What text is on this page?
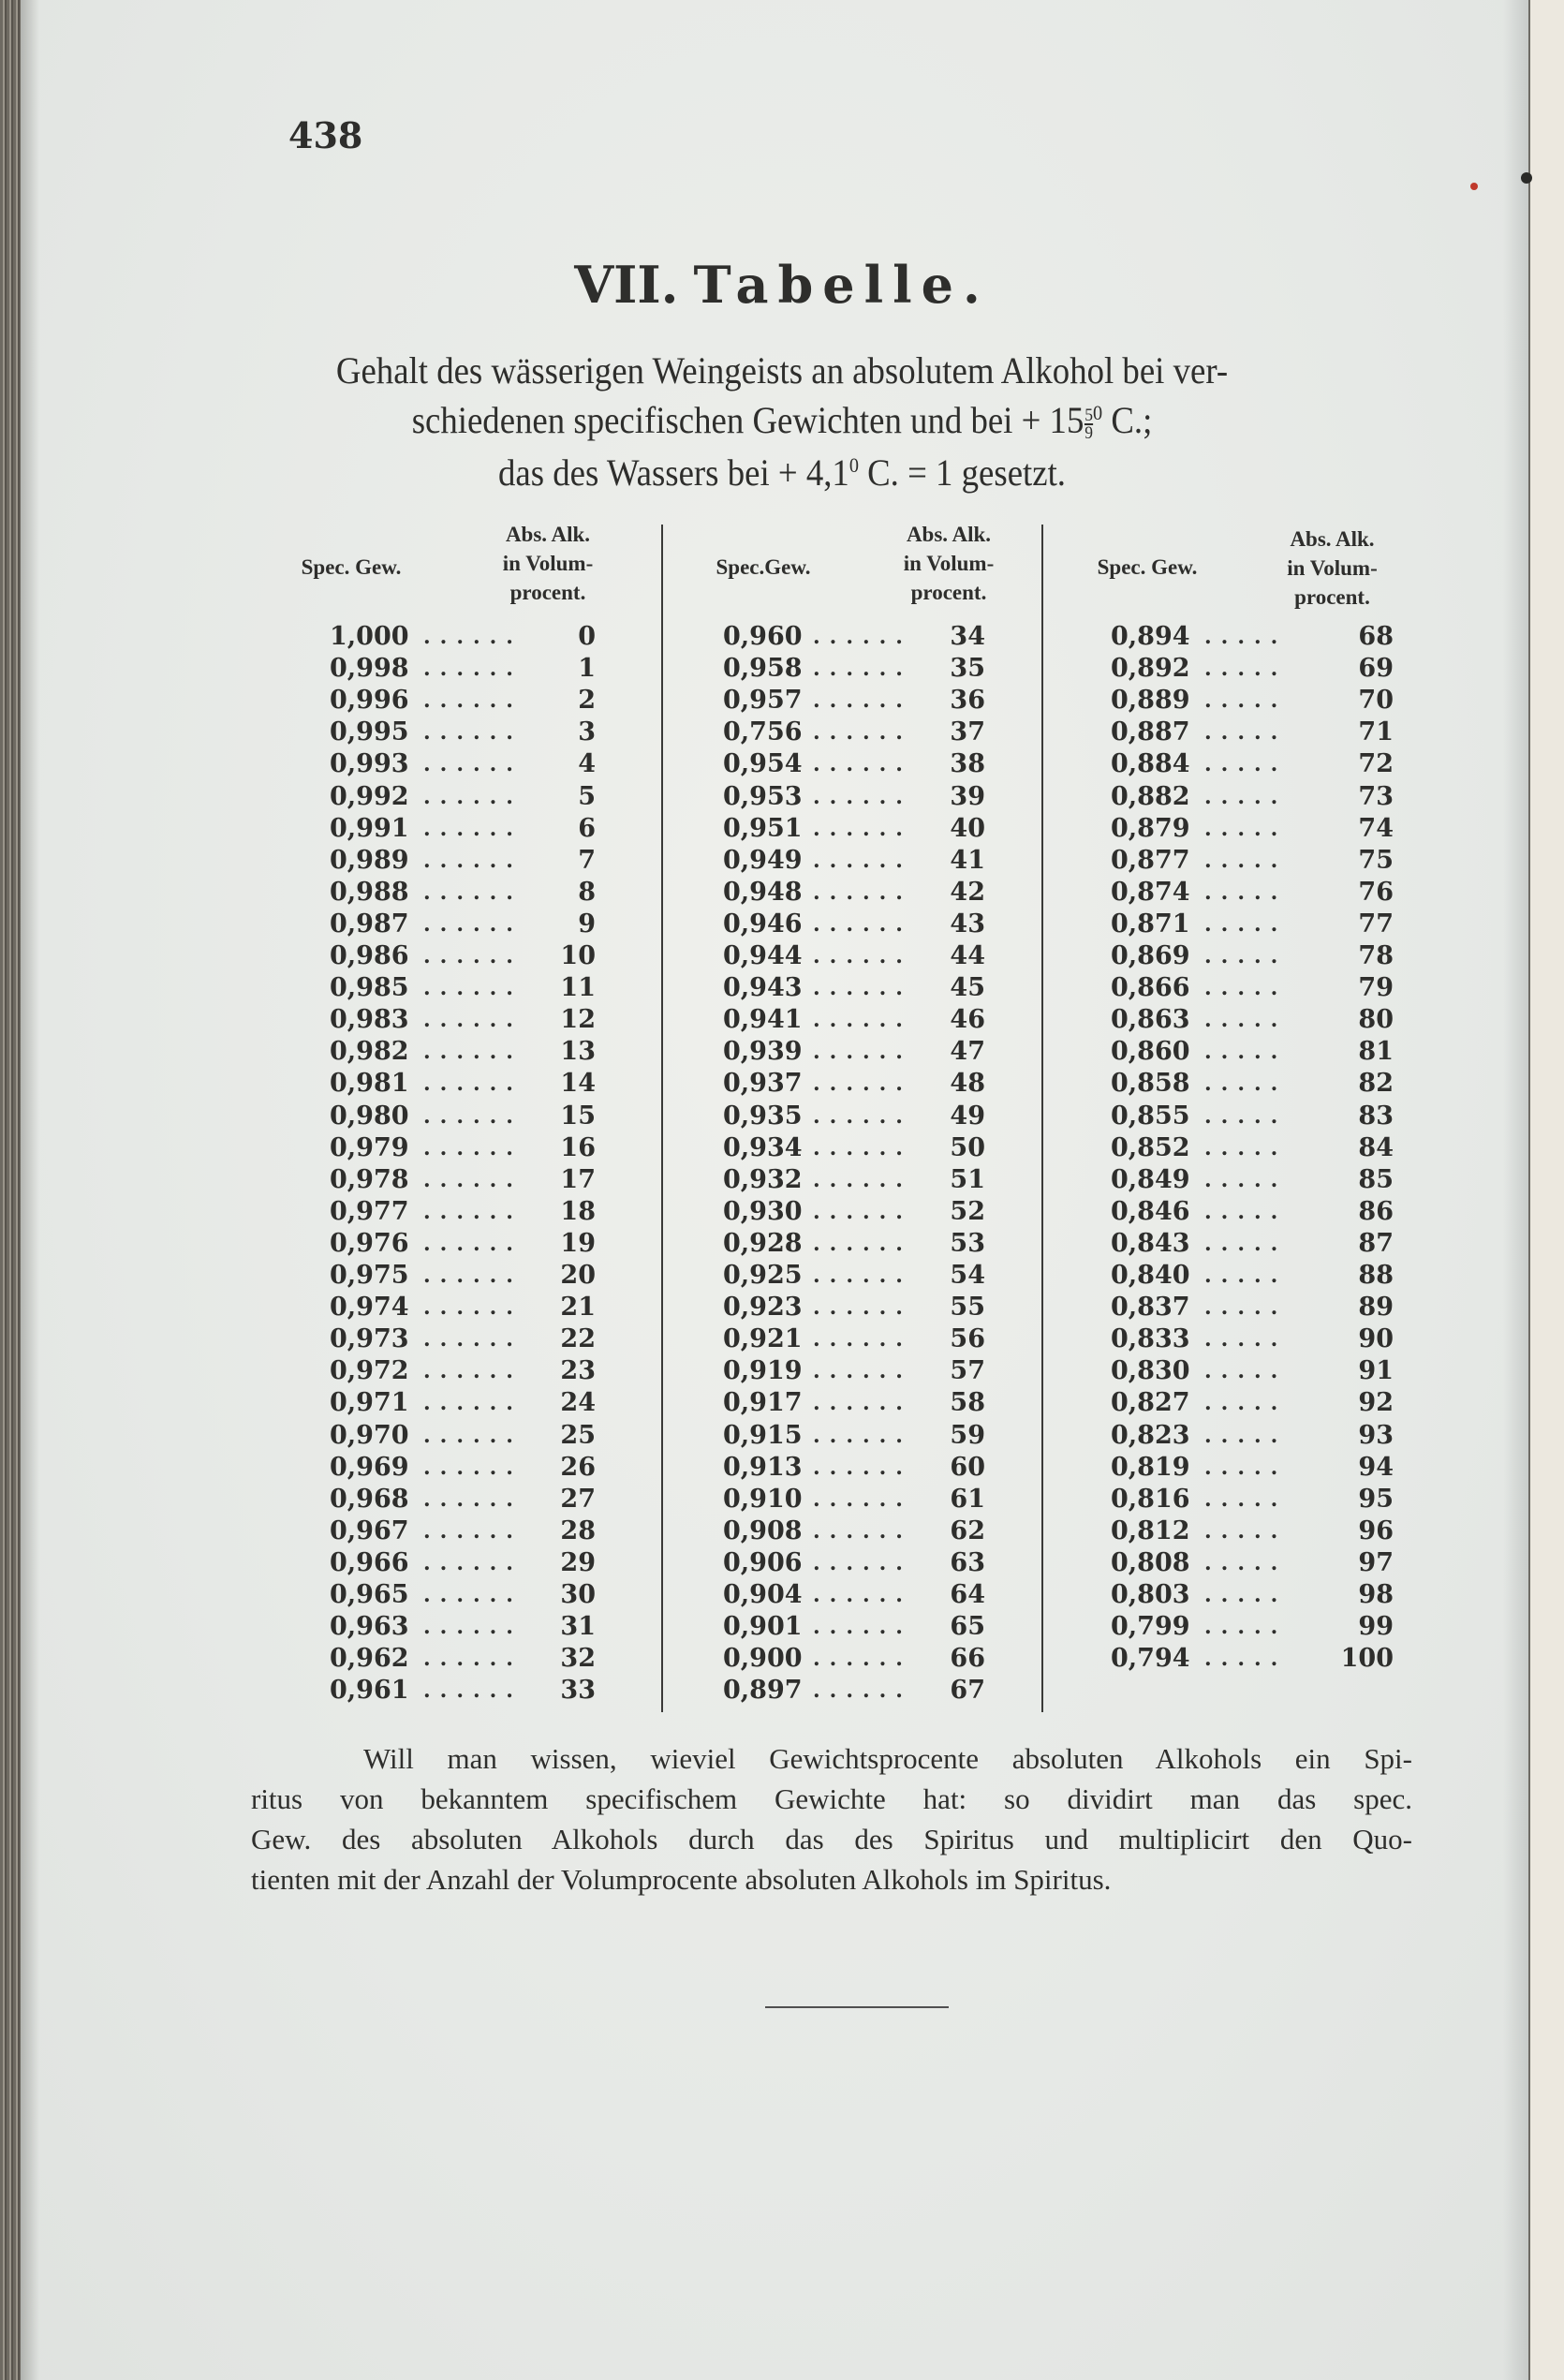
438
VII. Tabelle.
Gehalt des wässerigen Weingeists an absolutem Alkohol bei ver-
schiedenen specifischen Gewichten und bei + $15 \frac{5}{9} ^0$ C.;
das des Wassers bei + $4,1^0$ C. = 1 gesetzt.
Spec. Gew.
Abs. Alk.
in Volum-
procent.
1,000 ......	0
0,998 ......	1
0,996 ......	2
0,995 ......	3
0,993 ......	4
0,992 ......	5
0,991 ......	6
0,989 ......	7
0,988 ......	8
0,987 ......	9
0,986 ......	10
0,985 ......	11
0,983 ......	12
0,982 ......	13
0,981 ......	14
0,980 ......	15
0,979 ......	16
0,978 ......	17
0,977 ......	18
0,976 ......	19
0,975 ......	20
0,974 ......	21
0,973 ......	22
0,972 ......	23
0,971 ......	24
0,970 ......	25
0,969 ......	26
0,968 ......	27
0,967 ......	28
0,966 ......	29
0,965 ......	30
0,963 ......	31
0,962 ......	32
0,961 ......	33
Spec.Gew.
Abs. Alk.
in Volum-
procent.
0,960 ......	34
0,958 ......	35
0,957 ......	36
0,756 ......	37
0,954 ......	38
0,953 ......	39
0,951 ......	40
0,949 ......	41
0,948 ......	42
0,946 ......	43
0,944 ......	44
0,943 ......	45
0,941 ......	46
0,939 ......	47
0,937 ......	48
0,935 ......	49
0,934 ......	50
0,932 ......	51
0,930 ......	52
0,928 ......	53
0,925 ......	54
0,923 ......	55
0,921 ......	56
0,919 ......	57
0,917 ......	58
0,915 ......	59
0,913 ......	60
0,910 ......	61
0,908 ......	62
0,906 ......	63
0,904 ......	64
0,901 ......	65
0,900 ......	66
0,897 ......	67
Spec. Gew.
Abs. Alk.
in Volum-
procent.
0,894 .....	68
0,892 .....	69
0,889 .....	70
0,887 .....	71
0,884 .....	72
0,882 .....	73
0,879 .....	74
0,877 .....	75
0,874 .....	76
0,871 .....	77
0,869 .....	78
0,866 .....	79
0,863 .....	80
0,860 .....	81
0,858 .....	82
0,855 .....	83
0,852 .....	84
0,849 .....	85
0,846 .....	86
0,843 .....	87
0,840 .....	88
0,837 .....	89
0,833 .....	90
0,830 .....	91
0,827 .....	92
0,823 .....	93
0,819 .....	94
0,816 .....	95
0,812 .....	96
0,808 .....	97
0,803 .....	98
0,799 .....	99
0,794 .....	100
Will man wissen, wieviel Gewichtsprocente absoluten Alkohols ein Spi-
ritus von bekanntem specifischem Gewichte hat: so dividirt man das spec.
Gew. des absoluten Alkohols durch das des Spiritus und multiplicirt den Quo-
tienten mit der Anzahl der Volumprocente absoluten Alkohols im Spiritus.
